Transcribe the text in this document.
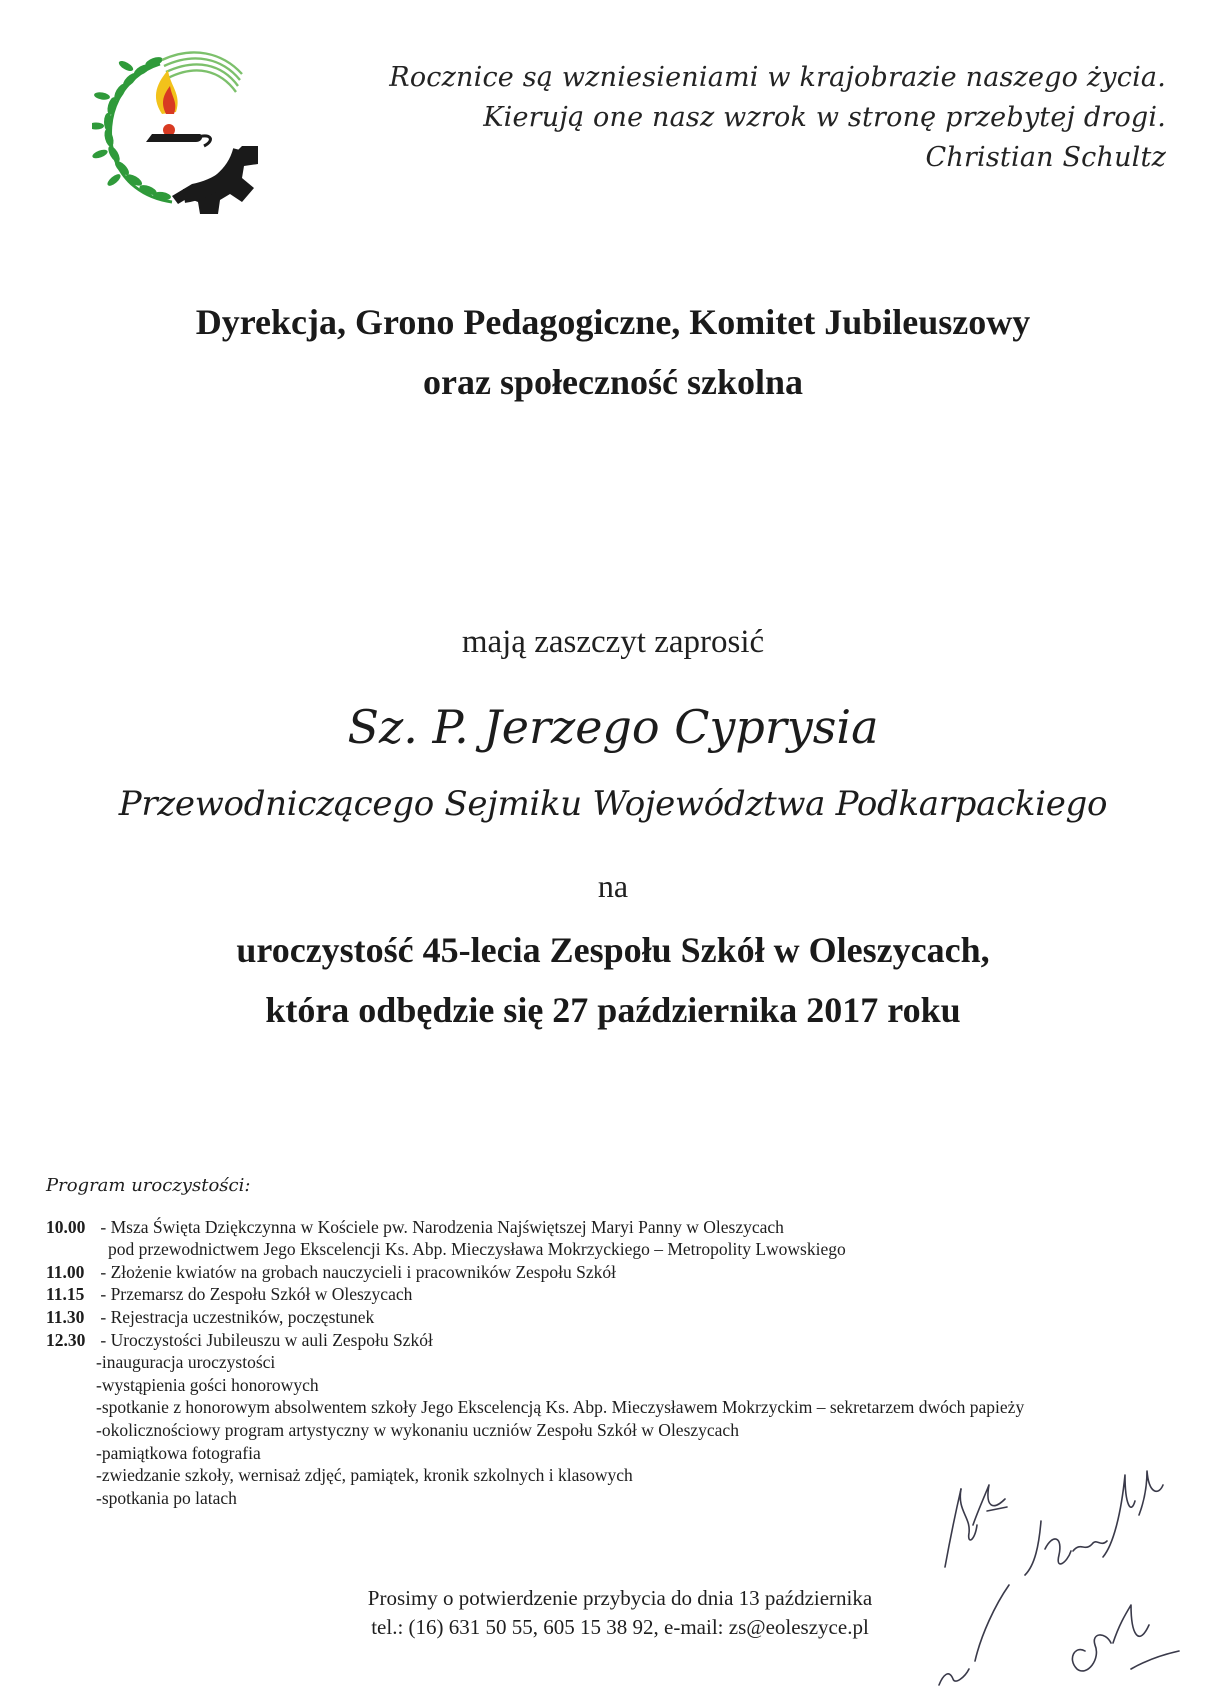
Rocznice są wzniesieniami w krajobrazie naszego życia.
Kierują one nasz wzrok w stronę przebytej drogi.
Christian Schultz
Dyrekcja, Grono Pedagogiczne, Komitet Jubileuszowy
oraz społeczność szkolna
mają zaszczyt zaprosić
Sz. P. Jerzego Cyprysia
Przewodniczącego Sejmiku Województwa Podkarpackiego
na
uroczystość 45-lecia Zespołu Szkół w Oleszycach,
która odbędzie się 27 października 2017 roku
Program uroczystości:
10.00 - Msza Święta Dziękczynna w Kościele pw. Narodzenia Najświętszej Maryi Panny w Oleszycach
pod przewodnictwem Jego Ekscelencji Ks. Abp. Mieczysława Mokrzyckiego – Metropolity Lwowskiego
11.00 - Złożenie kwiatów na grobach nauczycieli i pracowników Zespołu Szkół
11.15 - Przemarsz do Zespołu Szkół w Oleszycach
11.30 - Rejestracja uczestników, poczęstunek
12.30 - Uroczystości Jubileuszu w auli Zespołu Szkół
-inauguracja uroczystości
-wystąpienia gości honorowych
-spotkanie z honorowym absolwentem szkoły Jego Ekscelencją Ks. Abp. Mieczysławem Mokrzyckim – sekretarzem dwóch papieży
-okolicznościowy program artystyczny w wykonaniu uczniów Zespołu Szkół w Oleszycach
-pamiątkowa fotografia
-zwiedzanie szkoły, wernisaż zdjęć, pamiątek, kronik szkolnych i klasowych
-spotkania po latach
Prosimy o potwierdzenie przybycia do dnia 13 października
tel.: (16) 631 50 55, 605 15 38 92, e-mail: zs@eoleszyce.pl
